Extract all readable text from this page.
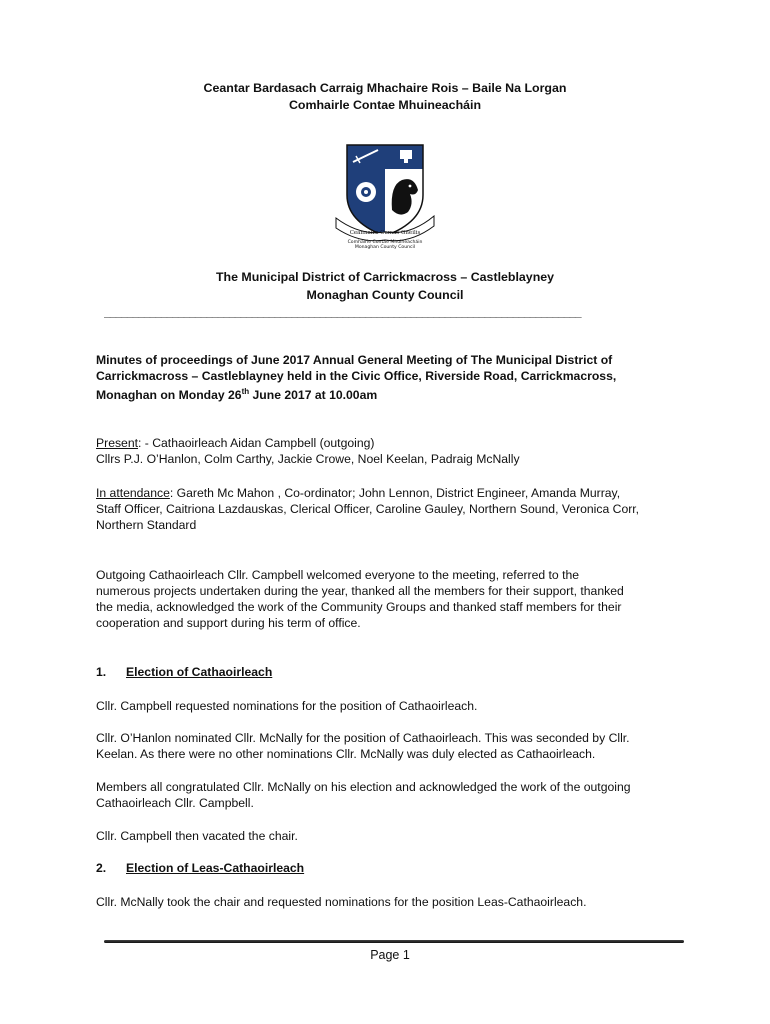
Ceantar Bardasach Carraig Mhachaire Rois – Baile Na Lorgan
Comhairle Contae Mhuineacháin
Ceannaire Cumas Gnéilis
Comhairle Contae Mhuineacháin
Monaghan County Council
The Municipal District of Carrickmacross – Castleblayney
Monaghan County Council
____________________________________________________________________________________
Minutes of proceedings of June 2017 Annual General Meeting of The Municipal District of
Carrickmacross – Castleblayney held in the Civic Office, Riverside Road, Carrickmacross,
Monaghan on Monday 26th June 2017 at 10.00am
Present: - Cathaoirleach Aidan Campbell (outgoing)
Cllrs P.J. O’Hanlon, Colm Carthy, Jackie Crowe, Noel Keelan, Padraig McNally
In attendance: Gareth Mc Mahon , Co-ordinator; John Lennon, District Engineer, Amanda Murray,
Staff Officer, Caitriona Lazdauskas, Clerical Officer, Caroline Gauley, Northern Sound, Veronica Corr,
Northern Standard
Outgoing Cathaoirleach Cllr. Campbell welcomed everyone to the meeting, referred to the
numerous projects undertaken during the year, thanked all the members for their support, thanked
the media, acknowledged the work of the Community Groups and thanked staff members for their
cooperation and support during his term of office.
1. Election of Cathaoirleach
Cllr. Campbell requested nominations for the position of Cathaoirleach.
Cllr. O’Hanlon nominated Cllr. McNally for the position of Cathaoirleach. This was seconded by Cllr.
Keelan. As there were no other nominations Cllr. McNally was duly elected as Cathaoirleach.
Members all congratulated Cllr. McNally on his election and acknowledged the work of the outgoing
Cathaoirleach Cllr. Campbell.
Cllr. Campbell then vacated the chair.
2. Election of Leas-Cathaoirleach
Cllr. McNally took the chair and requested nominations for the position Leas-Cathaoirleach.
Page 1
